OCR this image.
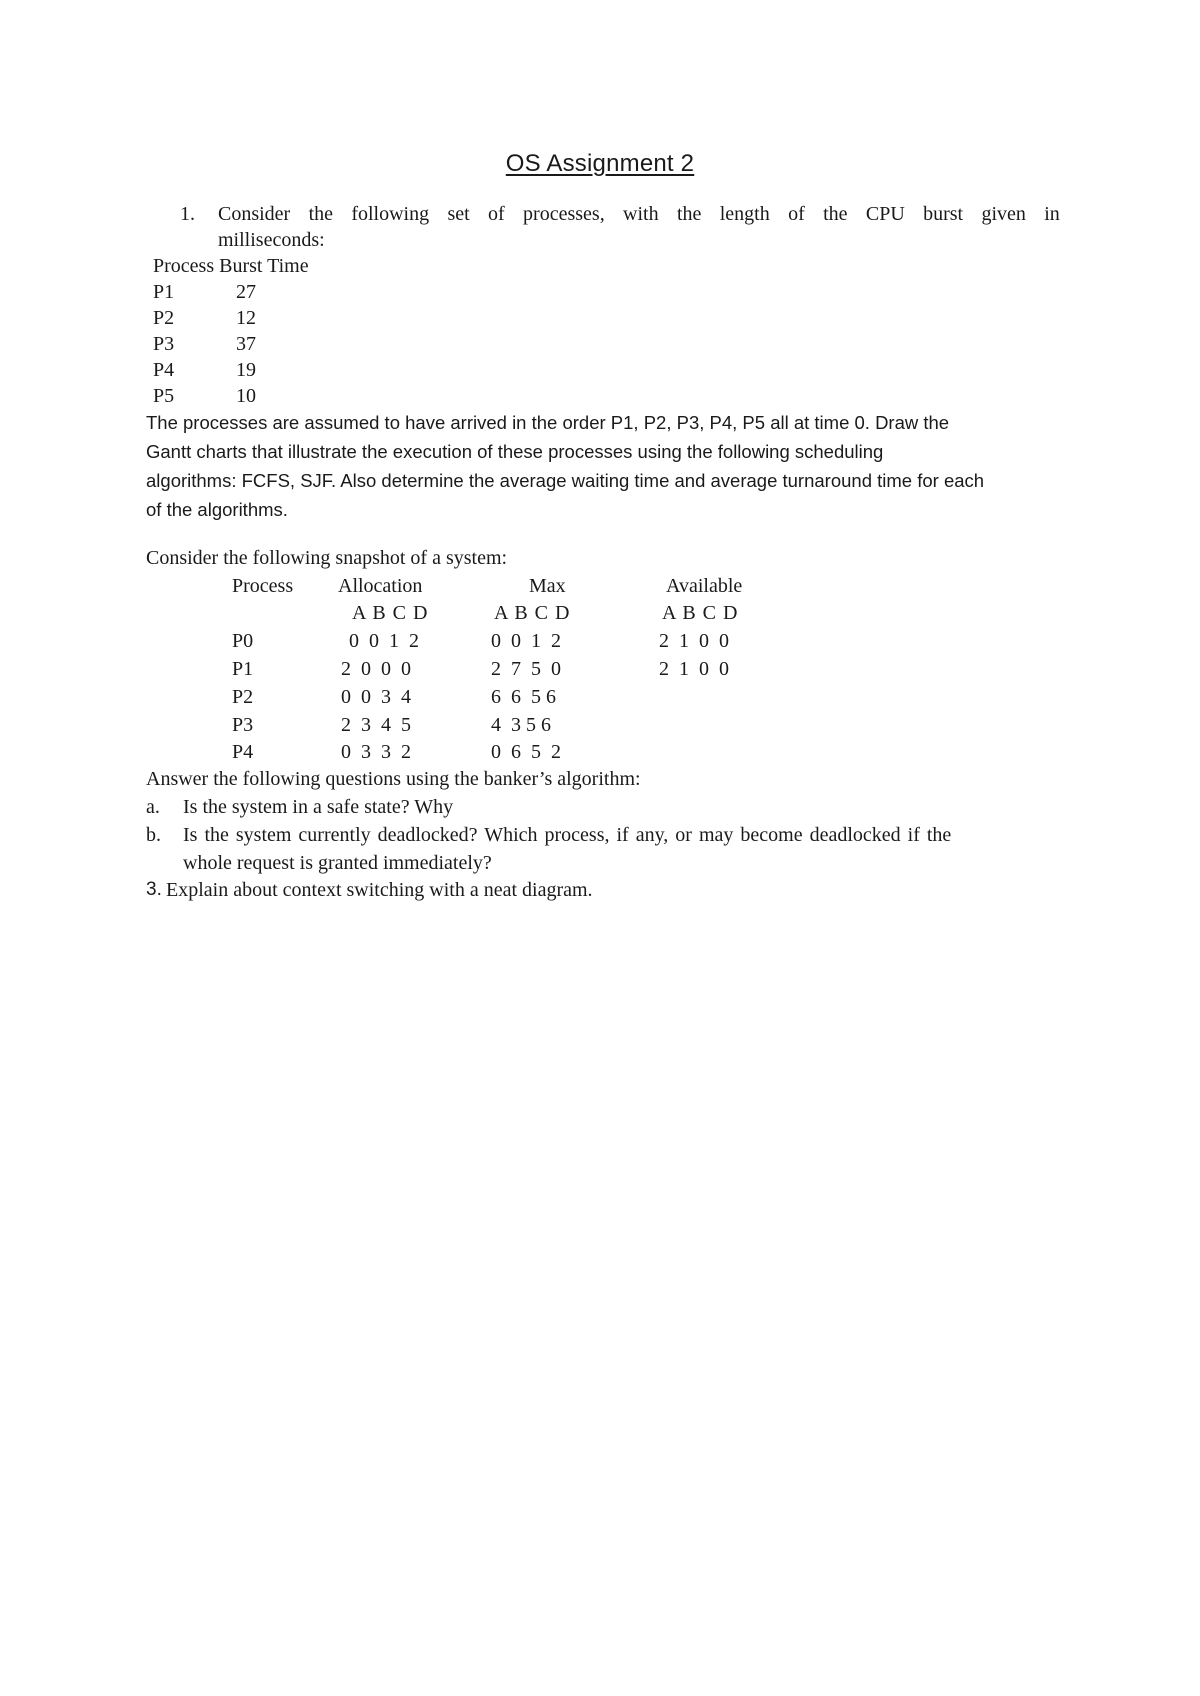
OS Assignment 2
1. Consider the following set of processes, with the length of the CPU burst given in
milliseconds:
Process Burst Time
P1	27
P2	12
P3	37
P4	19
P5	10
The processes are assumed to have arrived in the order P1, P2, P3, P4, P5 all at time 0. Draw the
Gantt charts that illustrate the execution of these processes using the following scheduling
algorithms: FCFS, SJF. Also determine the average waiting time and average turnaround time for each
of the algorithms.
Consider the following snapshot of a system:
Process Allocation	Max	Available
A B C D	A B C D	A B C D
P0	0  0  1  2	0  0  1  2	2  1  0  0
P1	2  0  0  0	2  7  5  0	2  1  0  0
P2	0  0  3  4	6  6  5 6
P3	2  3  4  5	4  3 5 6
P4	0  3  3  2	0  6  5  2
Answer the following questions using the banker’s algorithm:
a. Is the system in a safe state? Why
b. Is the system currently deadlocked? Which process, if any, or may become deadlocked if the
whole request is granted immediately?
3. Explain about context switching with a neat diagram.
